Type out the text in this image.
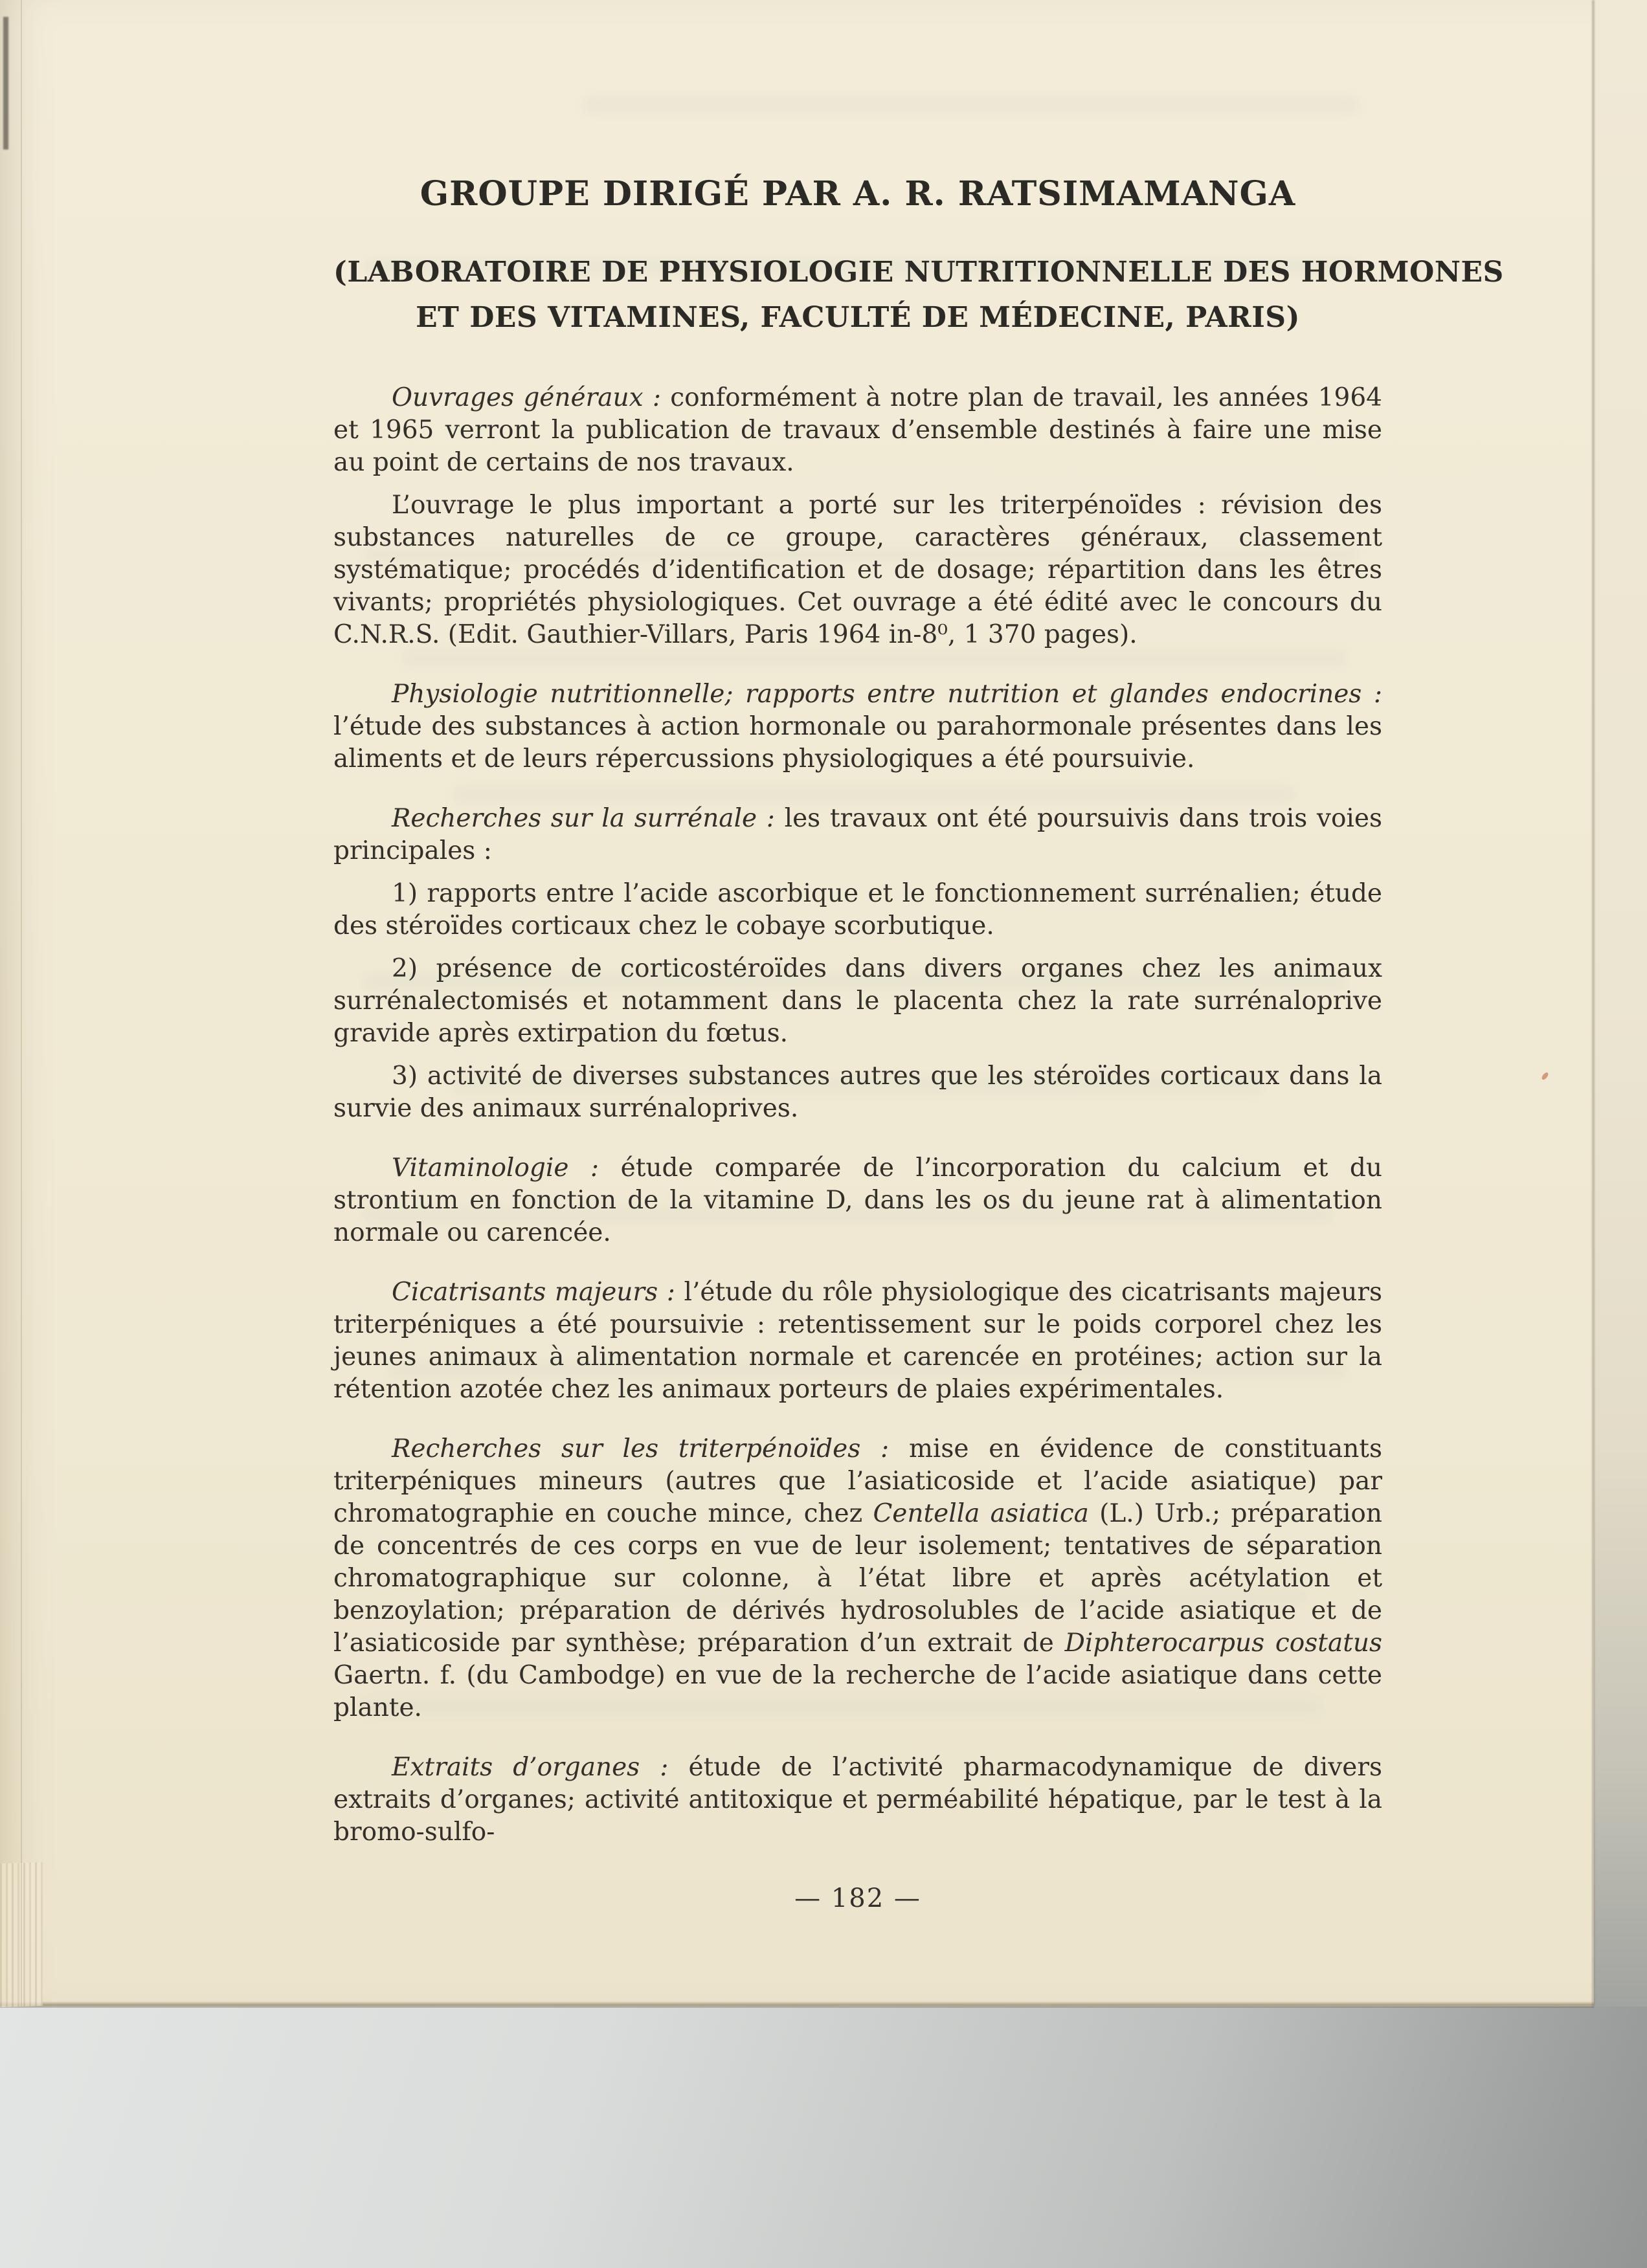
GROUPE DIRIGÉ PAR A. R. RATSIMAMANGA
(LABORATOIRE DE PHYSIOLOGIE NUTRITIONNELLE DES HORMONES
ET DES VITAMINES, FACULTÉ DE MÉDECINE, PARIS)

Ouvrages généraux : conformément à notre plan de travail, les années 1964 et 1965 verront la publication de travaux d’ensemble destinés à faire une mise au point de certains de nos travaux.

L’ouvrage le plus important a porté sur les triterpénoïdes : révision des substances naturelles de ce groupe, caractères généraux, classement systématique; procédés d’identification et de dosage; répartition dans les êtres vivants; propriétés physiologiques. Cet ouvrage a été édité avec le concours du C.N.R.S. (Edit. Gauthier-Villars, Paris 1964 in-8⁰, 1 370 pages).

Physiologie nutritionnelle; rapports entre nutrition et glandes endocrines : l’étude des substances à action hormonale ou parahormonale présentes dans les aliments et de leurs répercussions physiologiques a été poursuivie.

Recherches sur la surrénale : les travaux ont été poursuivis dans trois voies principales :

1) rapports entre l’acide ascorbique et le fonctionnement surrénalien; étude des stéroïdes corticaux chez le cobaye scorbutique.

2) présence de corticostéroïdes dans divers organes chez les animaux surrénalectomisés et notamment dans le placenta chez la rate surrénaloprive gravide après extirpation du fœtus.

3) activité de diverses substances autres que les stéroïdes corticaux dans la survie des animaux surrénaloprives.

Vitaminologie : étude comparée de l’incorporation du calcium et du strontium en fonction de la vitamine D, dans les os du jeune rat à alimentation normale ou carencée.

Cicatrisants majeurs : l’étude du rôle physiologique des cicatrisants majeurs triterpéniques a été poursuivie : retentissement sur le poids corporel chez les jeunes animaux à alimentation normale et carencée en protéines; action sur la rétention azotée chez les animaux porteurs de plaies expérimentales.

Recherches sur les triterpénoïdes : mise en évidence de constituants triterpéniques mineurs (autres que l’asiaticoside et l’acide asiatique) par chromatographie en couche mince, chez Centella asiatica (L.) Urb.; préparation de concentrés de ces corps en vue de leur isolement; tentatives de séparation chromatographique sur colonne, à l’état libre et après acétylation et benzoylation; préparation de dérivés hydrosolubles de l’acide asiatique et de l’asiaticoside par synthèse; préparation d’un extrait de Diphterocarpus costatus Gaertn. f. (du Cambodge) en vue de la recherche de l’acide asiatique dans cette plante.

Extraits d’organes : étude de l’activité pharmacodynamique de divers extraits d’organes; activité antitoxique et perméabilité hépatique, par le test à la bromo-sulfo-

— 182 —
